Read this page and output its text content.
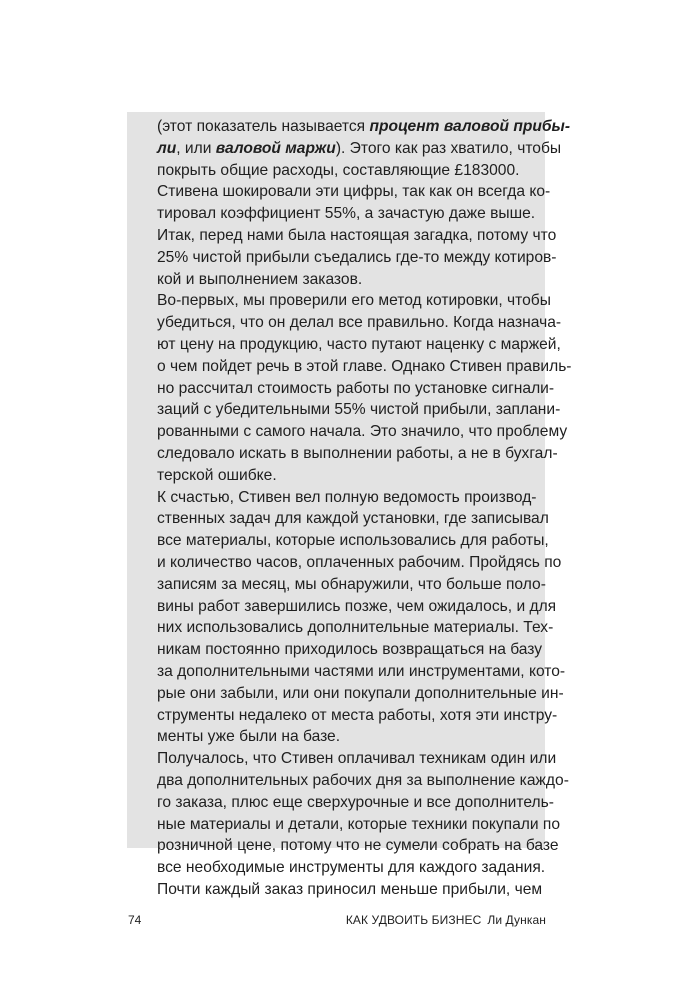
(этот показатель называется процент валовой прибы-
ли, или валовой маржи). Этого как раз хватило, чтобы
покрыть общие расходы, составляющие £183000.
Стивена шокировали эти цифры, так как он всегда ко-
тировал коэффициент 55%, а зачастую даже выше.
Итак, перед нами была настоящая загадка, потому что
25% чистой прибыли съедались где-то между котиров-
кой и выполнением заказов.
Во-первых, мы проверили его метод котировки, чтобы
убедиться, что он делал все правильно. Когда назнача-
ют цену на продукцию, часто путают наценку с маржей,
о чем пойдет речь в этой главе. Однако Стивен правиль-
но рассчитал стоимость работы по установке сигнали-
заций с убедительными 55% чистой прибыли, заплани-
рованными с самого начала. Это значило, что проблему
следовало искать в выполнении работы, а не в бухгал-
терской ошибке.
К счастью, Стивен вел полную ведомость производ-
ственных задач для каждой установки, где записывал
все материалы, которые использовались для работы,
и количество часов, оплаченных рабочим. Пройдясь по
записям за месяц, мы обнаружили, что больше поло-
вины работ завершились позже, чем ожидалось, и для
них использовались дополнительные материалы. Тех-
никам постоянно приходилось возвращаться на базу
за дополнительными частями или инструментами, кото-
рые они забыли, или они покупали дополнительные ин-
струменты недалеко от места работы, хотя эти инстру-
менты уже были на базе.
Получалось, что Стивен оплачивал техникам один или
два дополнительных рабочих дня за выполнение каждо-
го заказа, плюс еще сверхурочные и все дополнитель-
ные материалы и детали, которые техники покупали по
розничной цене, потому что не сумели собрать на базе
все необходимые инструменты для каждого задания.
Почти каждый заказ приносил меньше прибыли, чем
74	КАК УДВОИТЬ БИЗНЕС Ли Дункан
